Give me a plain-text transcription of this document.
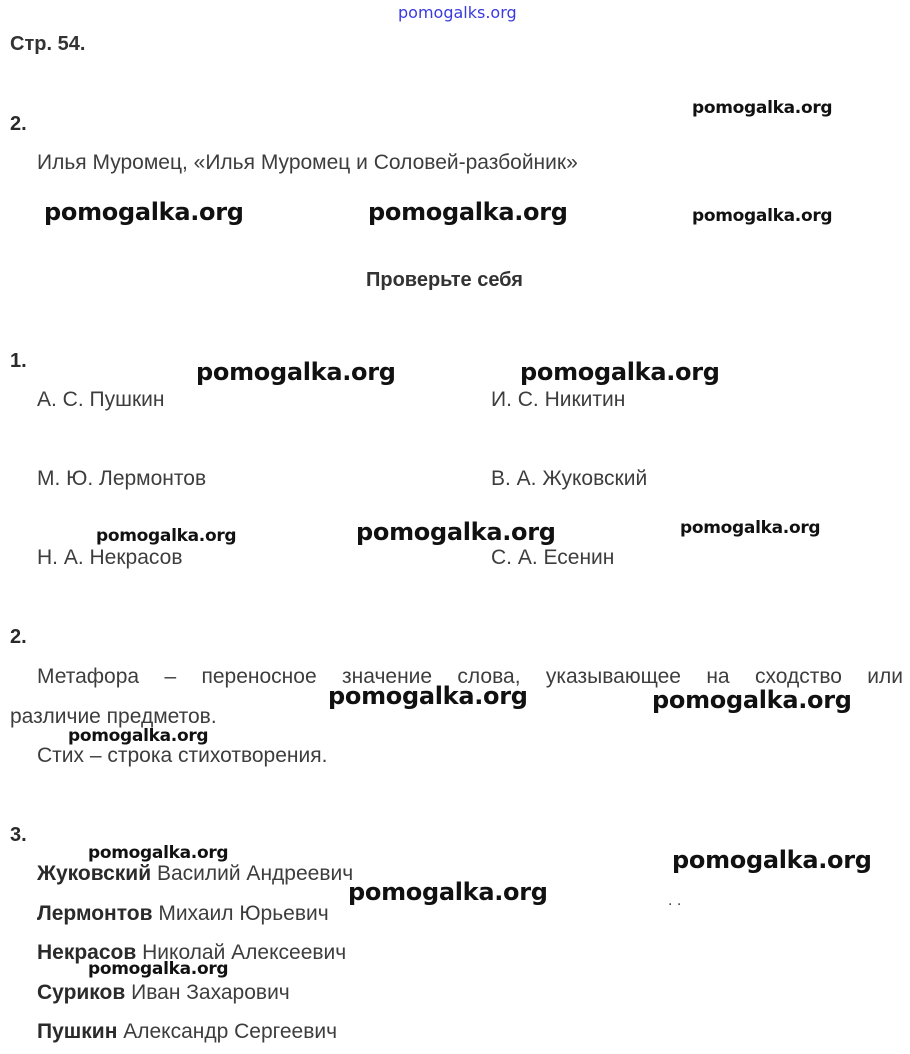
pomogalks.org
Стр. 54.
2.
Илья Муромец, «Илья Муромец и Соловей-разбойник»
Проверьте себя
1.
А. С. Пушкин	И. С. Никитин
М. Ю. Лермонтов	В. А. Жуковский
Н. А. Некрасов	С. А. Есенин
2.
Метафора – переносное значение слова, указывающее на сходство или
различие предметов.
Стих – строка стихотворения.
3.
Жуковский Василий Андреевич
Лермонтов Михаил Юрьевич
Некрасов Николай Алексеевич
Суриков Иван Захарович
Пушкин Александр Сергеевич
. .
pomogalka.org
pomogalka.org	pomogalka.org	pomogalka.org
pomogalka.org	pomogalka.org
pomogalka.org	pomogalka.org	pomogalka.org
pomogalka.org	pomogalka.org
pomogalka.org
pomogalka.org	pomogalka.org
pomogalka.org
pomogalka.org
